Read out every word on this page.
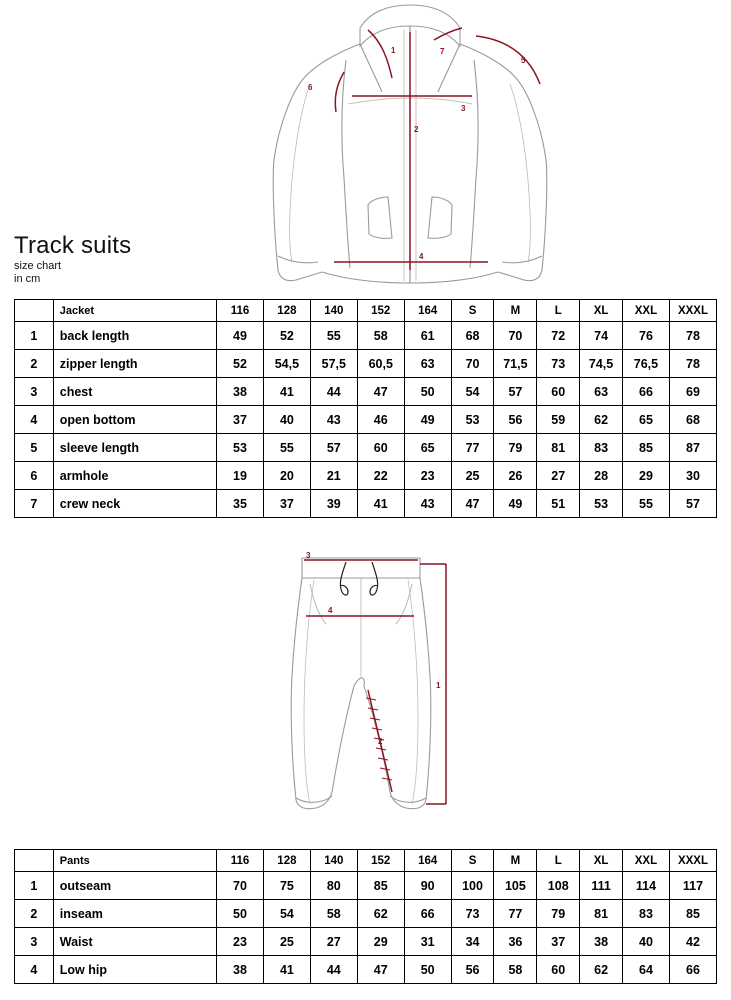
1
2
3
4
5
6
7
Track suits
size chart
in cm
	Jacket	116	128	140	152	164	S	M	L	XL	XXL	XXXL
1	back length	49	52	55	58	61	68	70	72	74	76	78
2	zipper length	52	54,5	57,5	60,5	63	70	71,5	73	74,5	76,5	78
3	chest	38	41	44	47	50	54	57	60	63	66	69
4	open bottom	37	40	43	46	49	53	56	59	62	65	68
5	sleeve length	53	55	57	60	65	77	79	81	83	85	87
6	armhole	19	20	21	22	23	25	26	27	28	29	30
7	crew neck	35	37	39	41	43	47	49	51	53	55	57
1
2
3
4
	Pants	116	128	140	152	164	S	M	L	XL	XXL	XXXL
1	outseam	70	75	80	85	90	100	105	108	111	114	117
2	inseam	50	54	58	62	66	73	77	79	81	83	85
3	Waist	23	25	27	29	31	34	36	37	38	40	42
4	Low hip	38	41	44	47	50	56	58	60	62	64	66
